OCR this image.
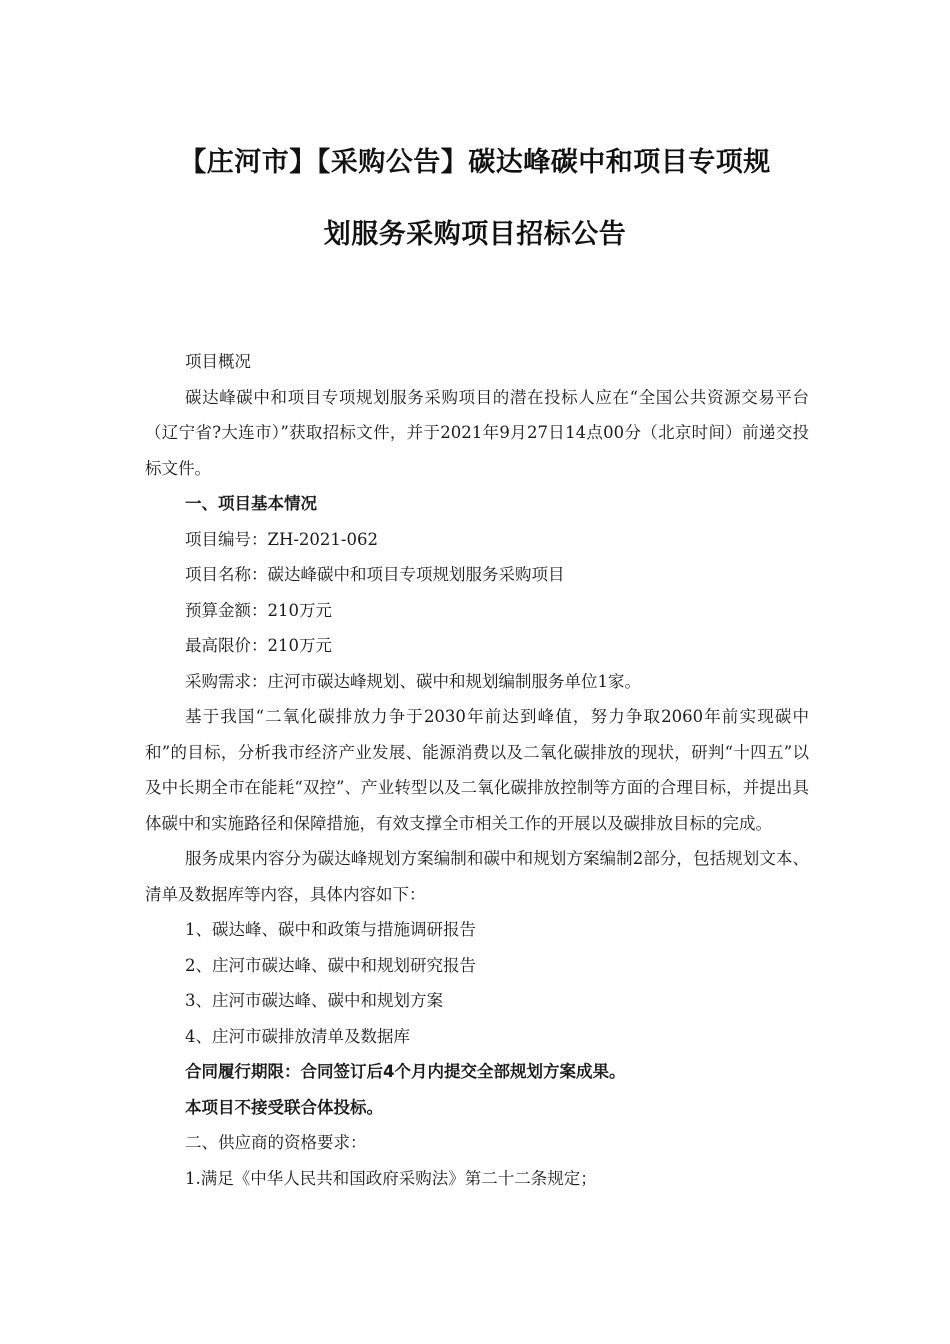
【庄河市】【采购公告】碳达峰碳中和项目专项规
划服务采购项目招标公告

项目概况

碳达峰碳中和项目专项规划服务采购项目的潜在投标人应在“全国公共资源交易平台（辽宁省?大连市）”获取招标文件，并于2021年9月27日14点00分（北京时间）前递交投标文件。

一、项目基本情况

项目编号：ZH-2021-062

项目名称：碳达峰碳中和项目专项规划服务采购项目

预算金额：210万元

最高限价：210万元

采购需求：庄河市碳达峰规划、碳中和规划编制服务单位1家。

基于我国“二氧化碳排放力争于2030年前达到峰值，努力争取2060年前实现碳中和”的目标，分析我市经济产业发展、能源消费以及二氧化碳排放的现状，研判“十四五”以及中长期全市在能耗“双控”、产业转型以及二氧化碳排放控制等方面的合理目标，并提出具体碳中和实施路径和保障措施，有效支撑全市相关工作的开展以及碳排放目标的完成。

服务成果内容分为碳达峰规划方案编制和碳中和规划方案编制2部分，包括规划文本、清单及数据库等内容，具体内容如下：

1、碳达峰、碳中和政策与措施调研报告

2、庄河市碳达峰、碳中和规划研究报告

3、庄河市碳达峰、碳中和规划方案

4、庄河市碳排放清单及数据库

合同履行期限：合同签订后4个月内提交全部规划方案成果。

本项目不接受联合体投标。

二、供应商的资格要求：

1.满足《中华人民共和国政府采购法》第二十二条规定；
